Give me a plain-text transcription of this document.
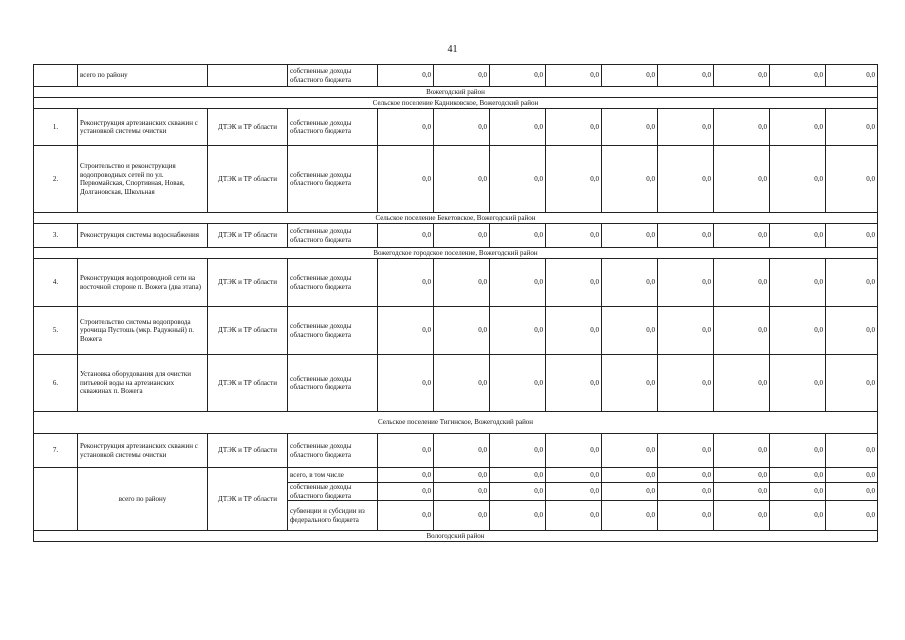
41
	всего по району		собственные доходы областного бюджета	0,0	0,0	0,0	0,0	0,0	0,0	0,0	0,0	0,0
Вожегодский район												
Сельское поселение Кадниковское, Вожегодский район												
1.	Реконструкция артезианских скважин с установкой системы очистки	ДТЭК и ТР области	собственные доходы областного бюджета	0,0	0,0	0,0	0,0	0,0	0,0	0,0	0,0	0,0
2.	Строительство и реконструкция водопроводных сетей по ул. Первомайская, Спортивная, Новая, Долгановская, Школьная	ДТЭК и ТР области	собственные доходы областного бюджета	0,0	0,0	0,0	0,0	0,0	0,0	0,0	0,0	0,0
Сельское поселение Бекетовское, Вожегодский район												
3.	Реконструкция системы водоснабжения	ДТЭК и ТР области	собственные доходы областного бюджета	0,0	0,0	0,0	0,0	0,0	0,0	0,0	0,0	0,0
Вожегодское городское поселение, Вожегодский район												
4.	Реконструкция водопроводной сети на восточной стороне п. Вожега (два этапа)	ДТЭК и ТР области	собственные доходы областного бюджета	0,0	0,0	0,0	0,0	0,0	0,0	0,0	0,0	0,0
5.	Строительство системы водопровода урочища Пустошь (мкр. Радужный) п. Вожега	ДТЭК и ТР области	собственные доходы областного бюджета	0,0	0,0	0,0	0,0	0,0	0,0	0,0	0,0	0,0
6.	Установка оборудования для очистки питьевой воды на артезианских скважинах п. Вожега	ДТЭК и ТР области	собственные доходы областного бюджета	0,0	0,0	0,0	0,0	0,0	0,0	0,0	0,0	0,0
Сельское поселение Тигинское, Вожегодский район												
7.	Реконструкция артезианских скважин с установкой системы очистки	ДТЭК и ТР области	собственные доходы областного бюджета	0,0	0,0	0,0	0,0	0,0	0,0	0,0	0,0	0,0
	всего по району	ДТЭК и ТР области	всего, в том числе	0,0	0,0	0,0	0,0	0,0	0,0	0,0	0,0	0,0
			собственные доходы областного бюджета	0,0	0,0	0,0	0,0	0,0	0,0	0,0	0,0	0,0
			субвенции и субсидии из федерального бюджета	0,0	0,0	0,0	0,0	0,0	0,0	0,0	0,0	0,0
Вологодский район												
